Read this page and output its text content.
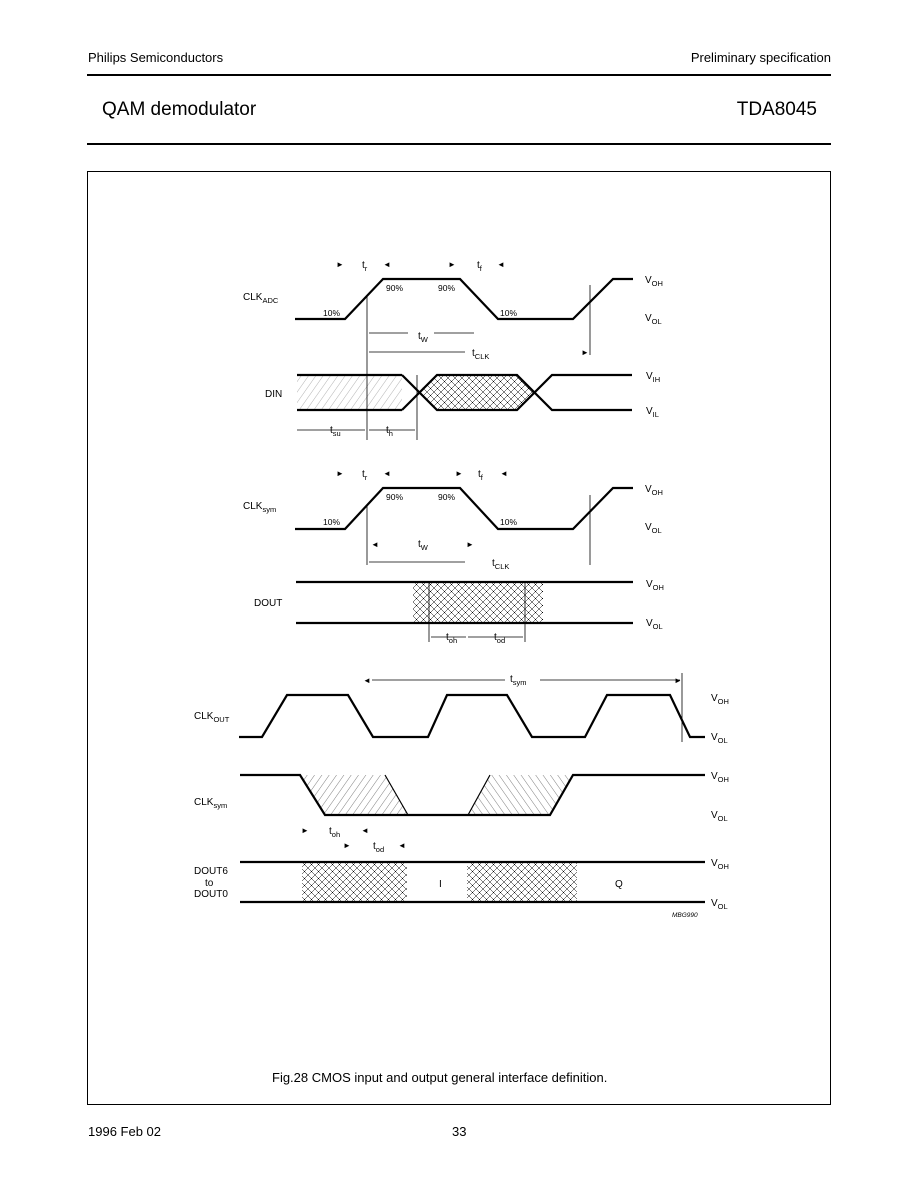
Philips Semiconductors	Preliminary specification
QAM demodulator	TDA8045
$CLK_{ADC}$
10%
90%	90%
10%
►	◄
$t_r$	►	◄
$t_f$
$t_W$
$t_{CLK}$	►
$V_{OH}$
$V_{OL}$
DIN
$V_{IH}$
$V_{IL}$
$t_{su}$	$t_h$
$CLK_{sym}$
10%
90%	90%
10%
►	◄
$t_r$	►	◄
$t_f$
◄	►
$t_W$
$t_{CLK}$
$V_{OH}$
$V_{OL}$
DOUT
$V_{OH}$
$V_{OL}$
$t_{oh}$	$t_{od}$
$CLK_{OUT}$
◄	►
$t_{sym}$
$V_{OH}$
$V_{OL}$
$CLK_{sym}$
$V_{OH}$
$V_{OL}$
►	◄
$t_{oh}$
►	◄
$t_{od}$
DOUT6
to
DOUT0
I	Q
$V_{OH}$
$V_{OL}$
MBG990
Fig.28 CMOS input and output general interface definition.
1996 Feb 02	33
